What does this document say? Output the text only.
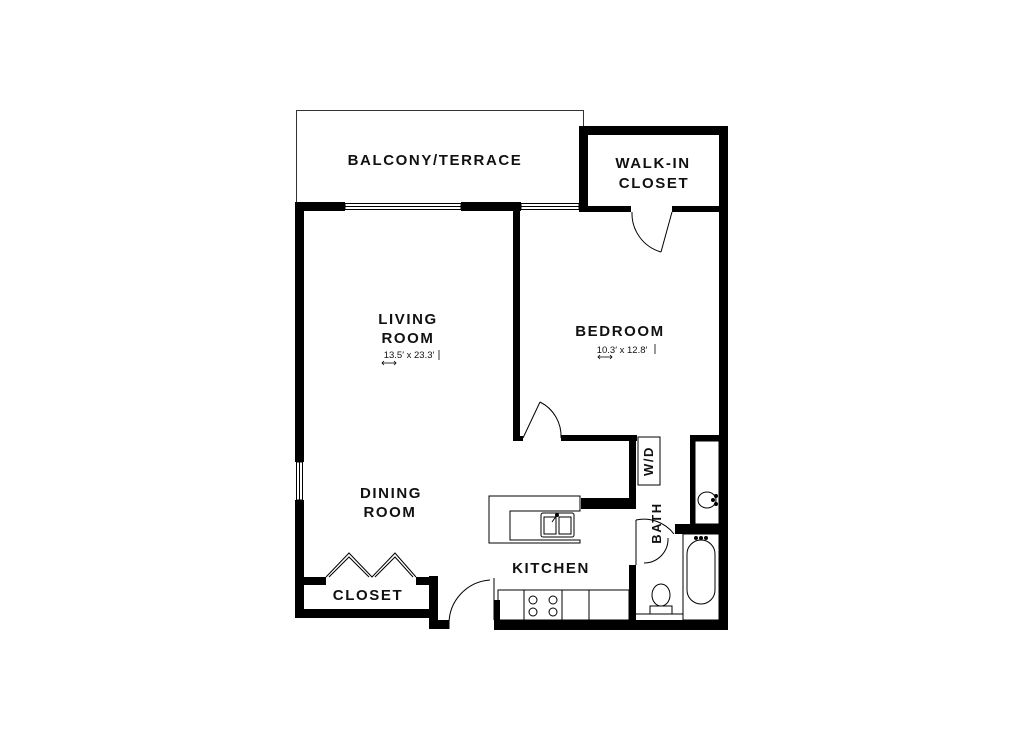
BALCONY/TERRACE	WALK-IN
CLOSET
LIVING
ROOM
13.5′ x 23.3′
BEDROOM
10.3′ x 12.8′
DINING
ROOM
CLOSET
KITCHEN
W/D
BATH
